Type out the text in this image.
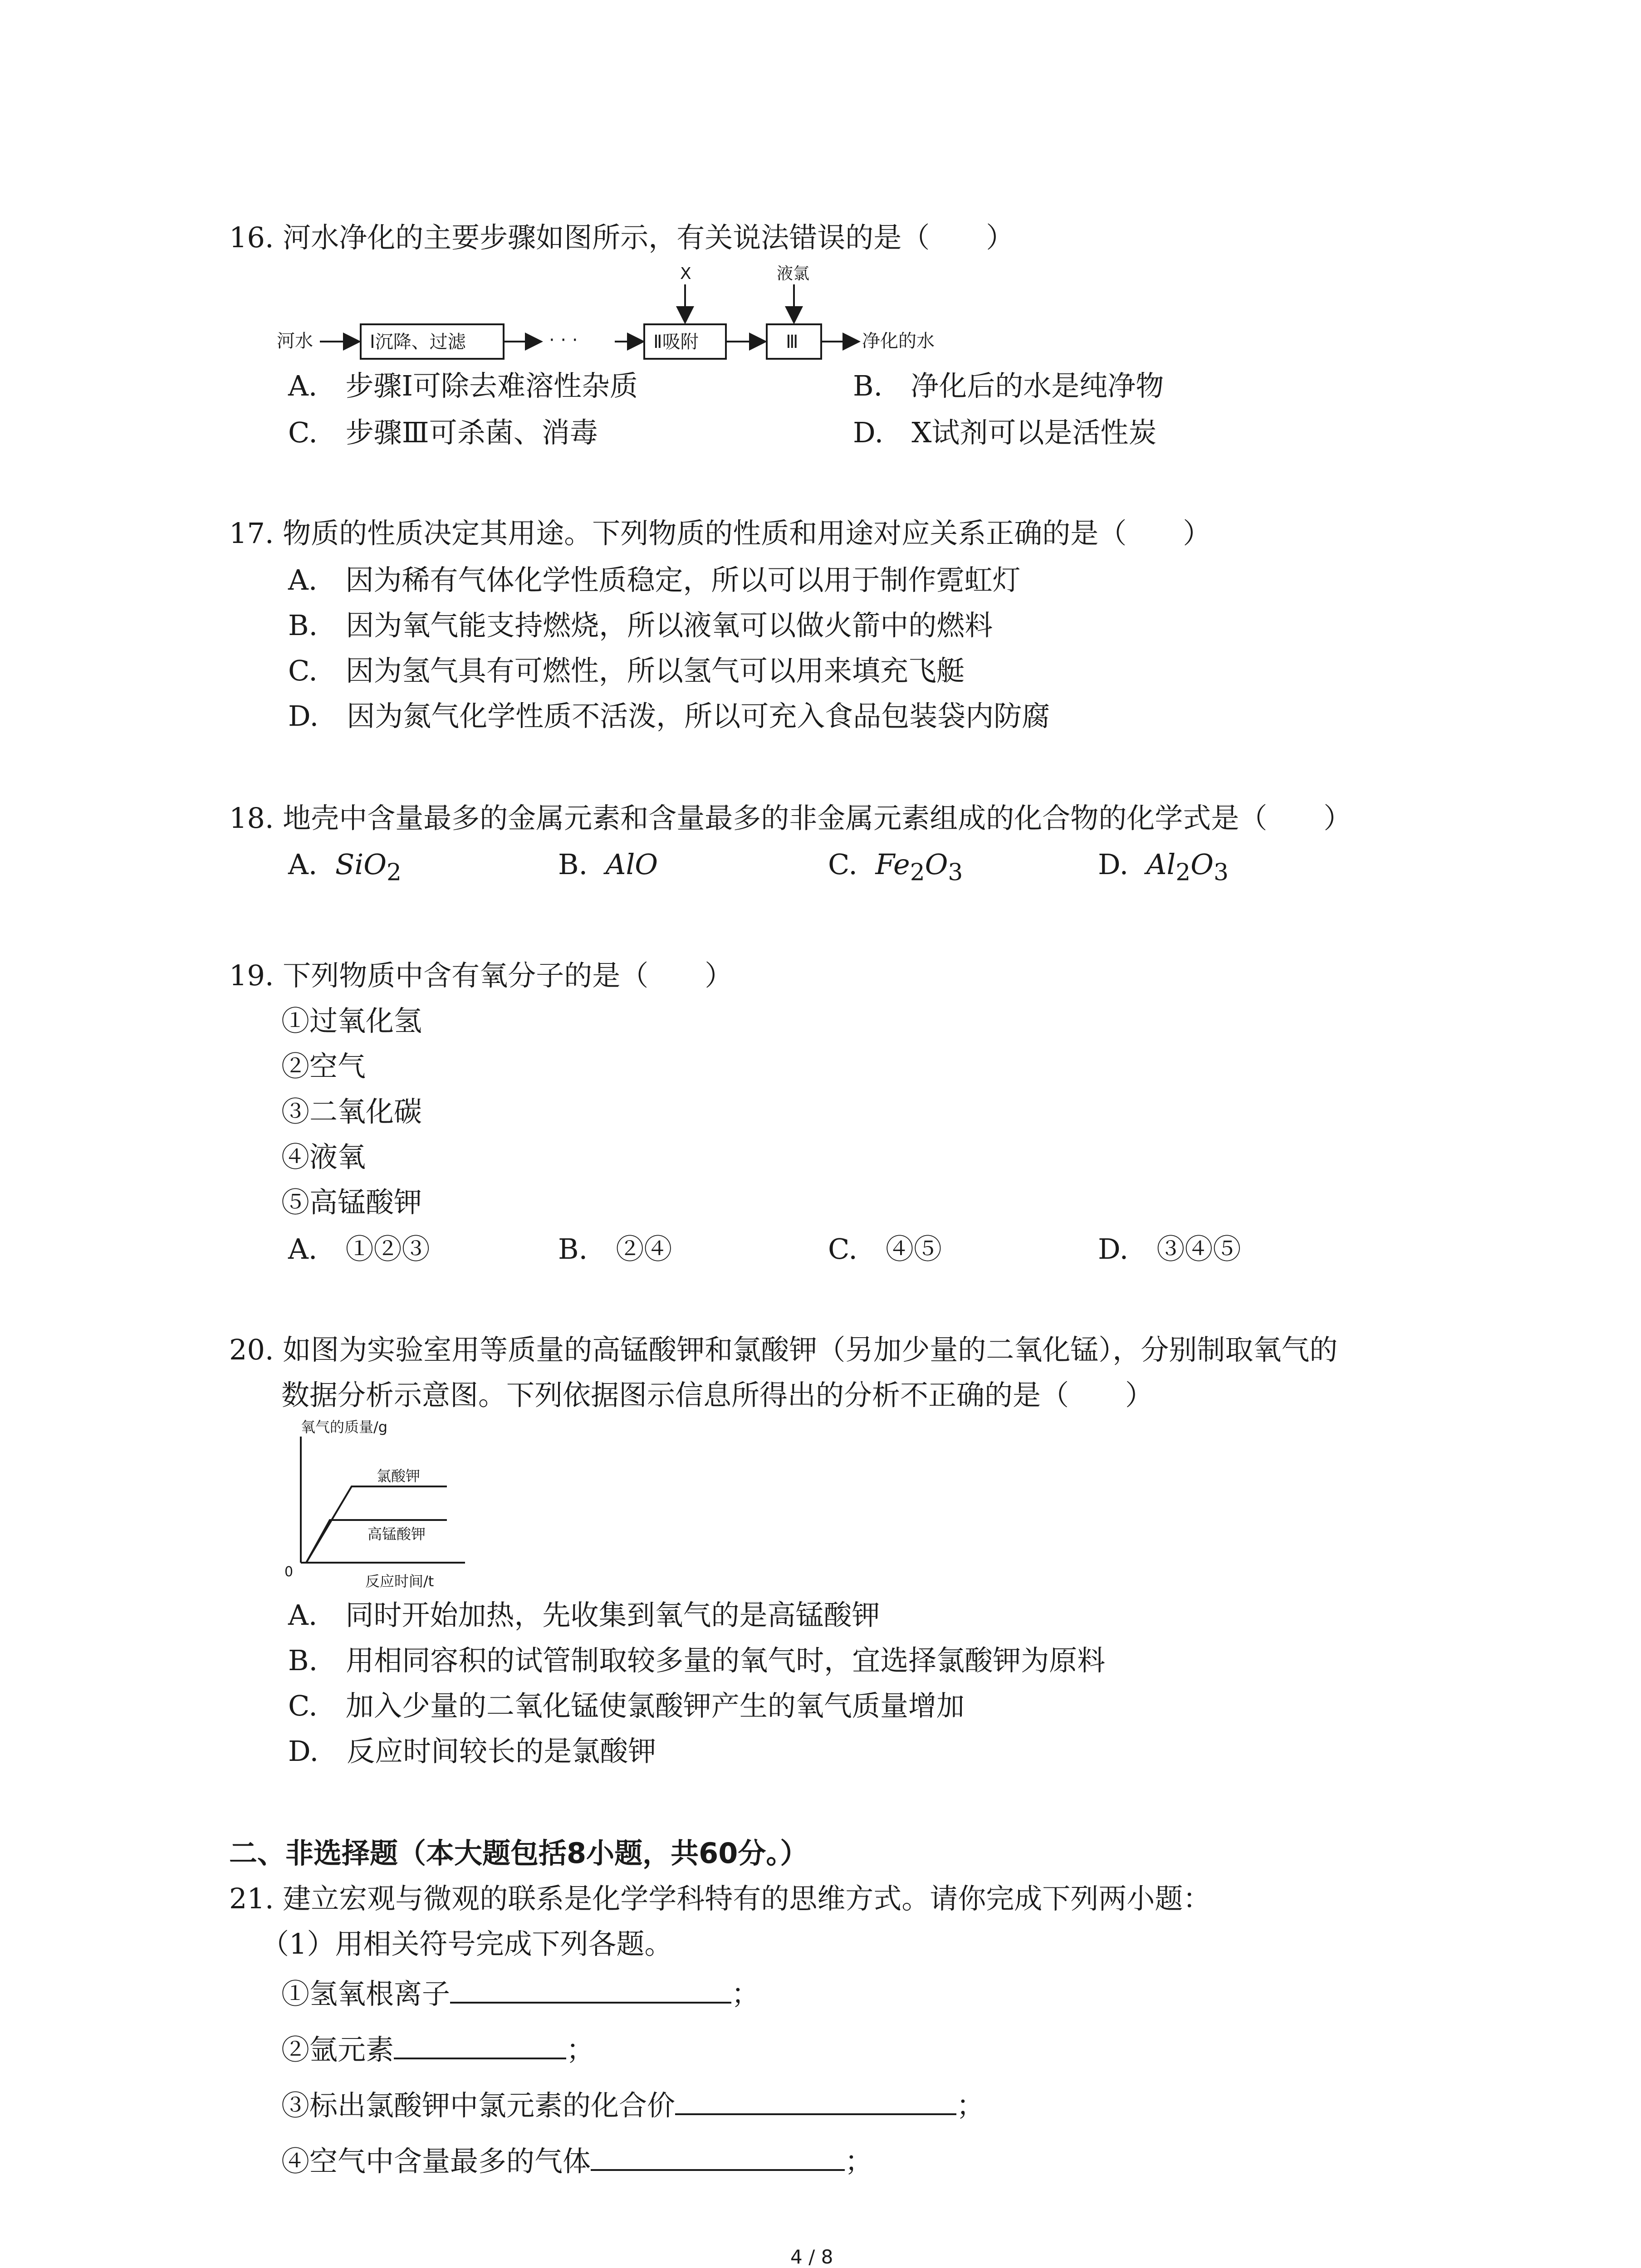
16. 河水净化的主要步骤如图所示，有关说法错误的是（　　）
河水	Ⅰ沉降、过滤	· · ·	Ⅱ吸附
X
Ⅲ
液氯
净化的水
A.　步骤Ⅰ可除去难溶性杂质	B.　净化后的水是纯净物
C.　步骤Ⅲ可杀菌、消毒	D.　X试剂可以是活性炭
17. 物质的性质决定其用途。下列物质的性质和用途对应关系正确的是（　　）
A.　因为稀有气体化学性质稳定，所以可以用于制作霓虹灯
B.　因为氧气能支持燃烧，所以液氧可以做火箭中的燃料
C.　因为氢气具有可燃性，所以氢气可以用来填充飞艇
D.　因为氮气化学性质不活泼，所以可充入食品包装袋内防腐
18. 地壳中含量最多的金属元素和含量最多的非金属元素组成的化合物的化学式是（　　）
A. SiO$_2$	B. AlO	C. $Fe_2O_3$	D. $Al_2O_3$
19. 下列物质中含有氧分子的是（　　）
①过氧化氢
②空气
③二氧化碳
④液氧
⑤高锰酸钾
A.　①②③	B.　②④	C.　④⑤	D.　③④⑤
20. 如图为实验室用等质量的高锰酸钾和氯酸钾（另加少量的二氧化锰），分别制取氧气的
数据分析示意图。下列依据图示信息所得出的分析不正确的是（　　）
氧气的质量/g
0
反应时间/t
氯酸钾
高锰酸钾
A.　同时开始加热，先收集到氧气的是高锰酸钾
B.　用相同容积的试管制取较多量的氧气时，宜选择氯酸钾为原料
C.　加入少量的二氧化锰使氯酸钾产生的氧气质量增加
D.　反应时间较长的是氯酸钾
二、非选择题（本大题包括8小题，共60分。）
21. 建立宏观与微观的联系是化学学科特有的思维方式。请你完成下列两小题：
（1）用相关符号完成下列各题。
①氢氧根离子	；
②氩元素	；
③标出氯酸钾中氯元素的化合价	；
④空气中含量最多的气体	；
4 / 8
